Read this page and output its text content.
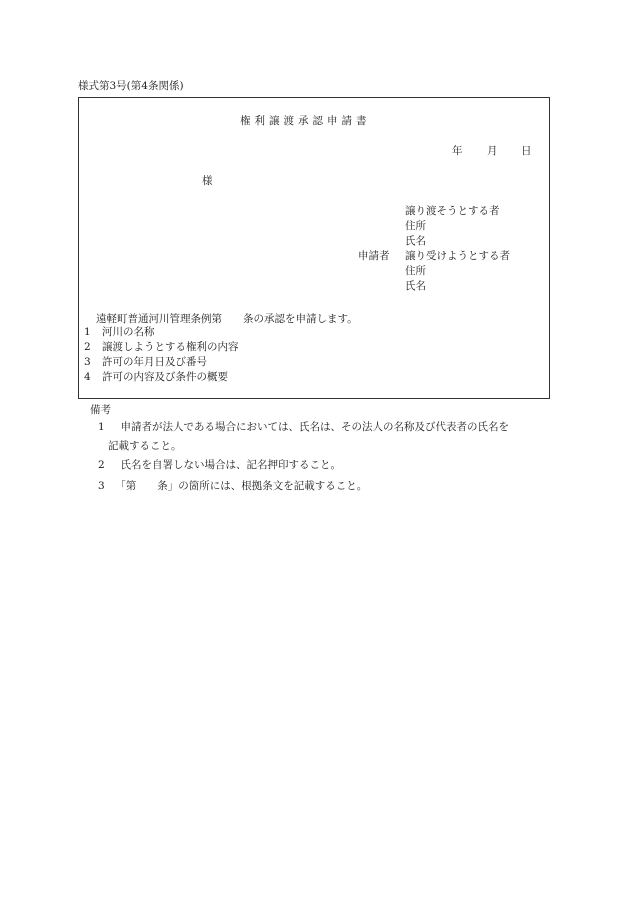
様式第3号(第4条関係)
権利譲渡承認申請書
年 月 日
様
申請者
譲り渡そうとする者
住所
氏名
譲り受けようとする者
住所
氏名
遠軽町普通河川管理条例第　　条の承認を申請します。
1 河川の名称
2 譲渡しようとする権利の内容
3 許可の年月日及び番号
4 許可の内容及び条件の概要
備考
1　 申請者が法人である場合においては、氏名は、その法人の名称及び代表者の氏名を
記載すること。
2　 氏名を自署しない場合は、記名押印すること。
3　 「第　　条」の箇所には、根拠条文を記載すること。
